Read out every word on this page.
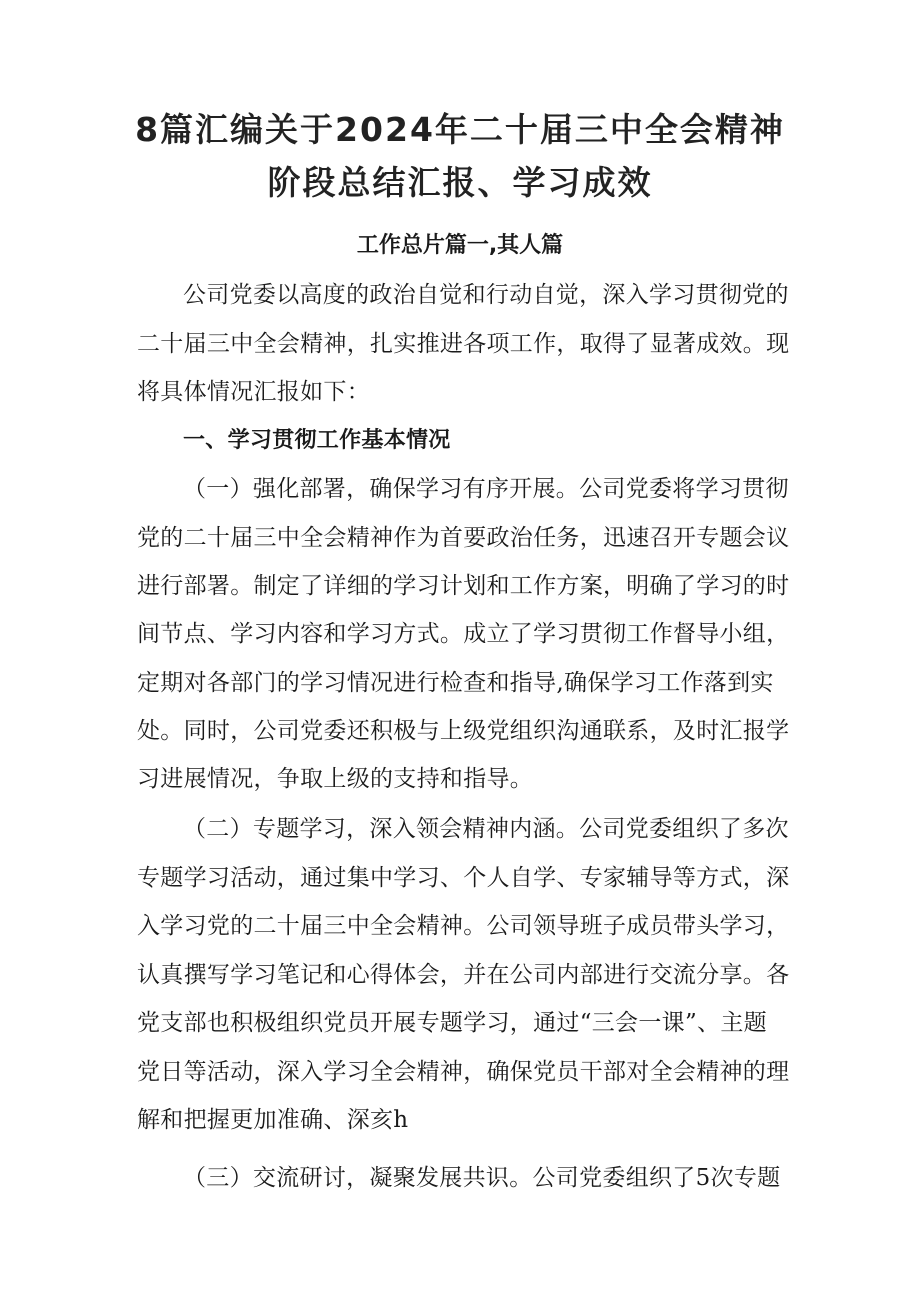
8篇汇编关于2024年二十届三中全会精神
阶段总结汇报、学习成效
工作总片篇一,其人篇

公司党委以高度的政治自觉和行动自觉，深入学习贯彻党的

二十届三中全会精神，扎实推进各项工作，取得了显著成效。现

将具体情况汇报如下：

一、学习贯彻工作基本情况

（一）强化部署，确保学习有序开展。公司党委将学习贯彻

党的二十届三中全会精神作为首要政治任务，迅速召开专题会议

进行部署。制定了详细的学习计划和工作方案，明确了学习的时

间节点、学习内容和学习方式。成立了学习贯彻工作督导小组，

定期对各部门的学习情况进行检查和指导,确保学习工作落到实

处。同时，公司党委还积极与上级党组织沟通联系，及时汇报学

习进展情况，争取上级的支持和指导。

（二）专题学习，深入领会精神内涵。公司党委组织了多次

专题学习活动，通过集中学习、个人自学、专家辅导等方式，深

入学习党的二十届三中全会精神。公司领导班子成员带头学习，

认真撰写学习笔记和心得体会，并在公司内部进行交流分享。各

党支部也积极组织党员开展专题学习，通过“三会一课”、主题

党日等活动，深入学习全会精神，确保党员干部对全会精神的理

解和把握更加准确、深亥h

（三）交流研讨，凝聚发展共识。公司党委组织了5次专题
